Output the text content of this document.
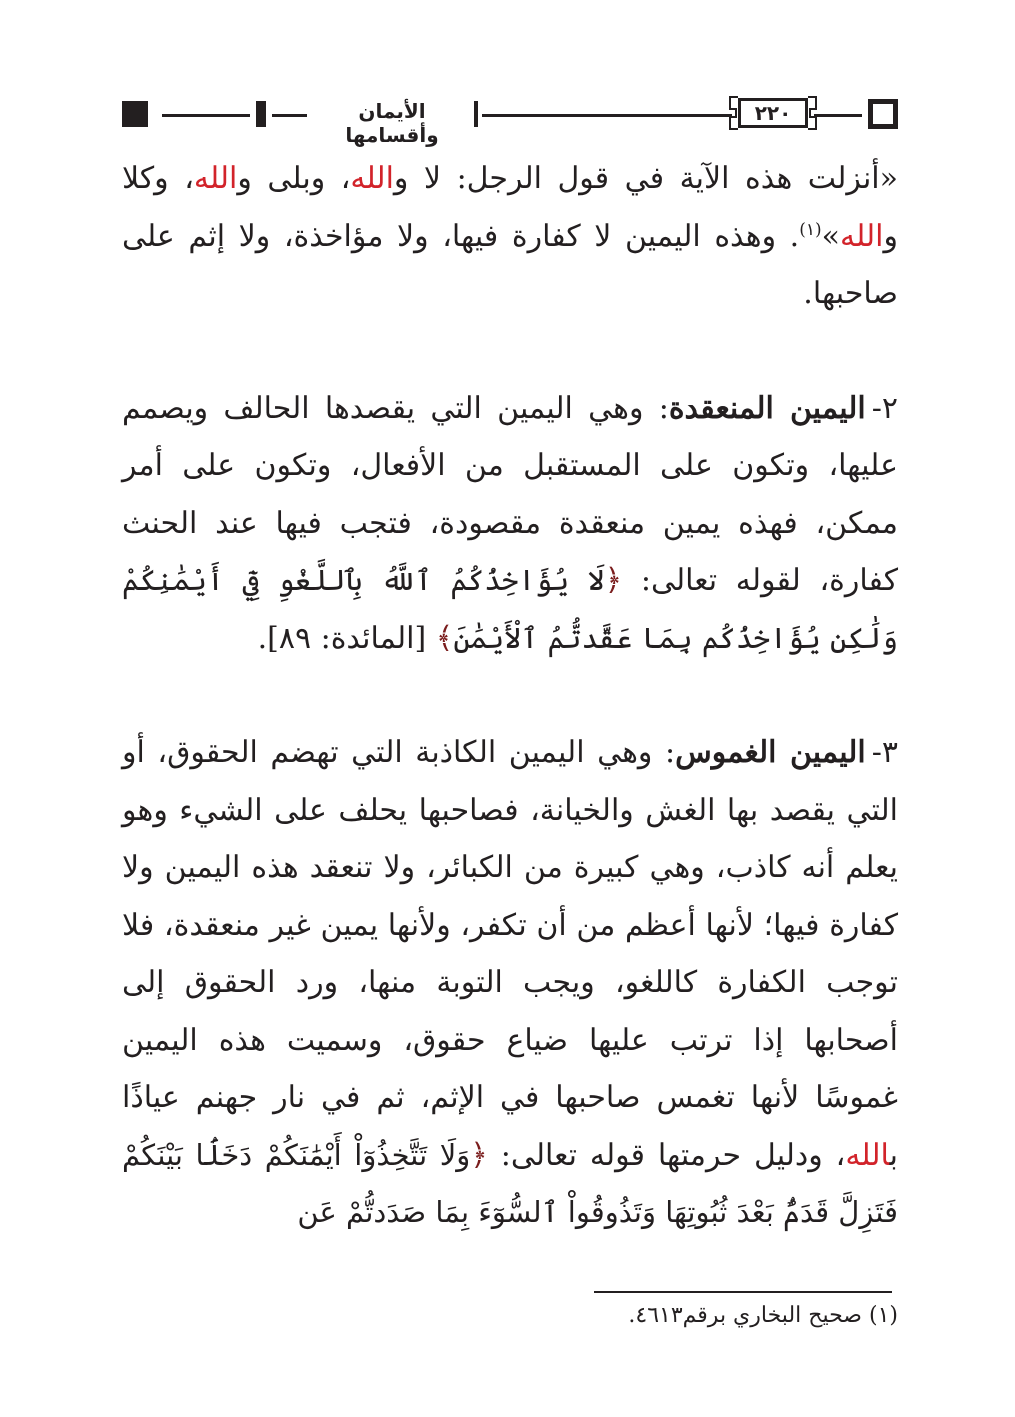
الأيمان وأقسامها
٢٢٠

«أنزلت هذه الآية في قول الرجل: لا والله، وبلى والله، وكلا والله»$^{(١)}$. وهذه اليمين لا كفارة فيها، ولا مؤاخذة، ولا إثم على صاحبها.

٢-اليمين المنعقدة: وهي اليمين التي يقصدها الحالف ويصمم عليها، وتكون على المستقبل من الأفعال، وتكون على أمر ممكن، فهذه يمين منعقدة مقصودة، فتجب فيها عند الحنث كفارة، لقوله تعالى: ﴿لَا يُؤَاخِذُكُمُ ٱللَّهُ بِٱللَّغْوِ فِيٓ أَيْمَٰنِكُمْ وَلَٰكِن يُؤَاخِذُكُم بِمَا عَقَّدتُّمُ ٱلْأَيْمَٰنَ﴾ [المائدة: ٨٩].

٣-اليمين الغموس: وهي اليمين الكاذبة التي تهضم الحقوق، أو التي يقصد بها الغش والخيانة، فصاحبها يحلف على الشيء وهو يعلم أنه كاذب، وهي كبيرة من الكبائر، ولا تنعقد هذه اليمين ولا كفارة فيها؛ لأنها أعظم من أن تكفر، ولأنها يمين غير منعقدة، فلا توجب الكفارة كاللغو، ويجب التوبة منها، ورد الحقوق إلى أصحابها إذا ترتب عليها ضياع حقوق، وسميت هذه اليمين غموسًا لأنها تغمس صاحبها في الإثم، ثم في نار جهنم عياذًا بالله، ودليل حرمتها قوله تعالى: ﴿وَلَا تَتَّخِذُوٓاْ أَيْمَٰنَكُمْ دَخَلَۢا بَيْنَكُمْ فَتَزِلَّ قَدَمٌۢ بَعْدَ ثُبُوتِهَا وَتَذُوقُواْ ٱلسُّوٓءَ بِمَا صَدَدتُّمْ عَن

(١) صحيح البخاري برقم٤٦١٣.
